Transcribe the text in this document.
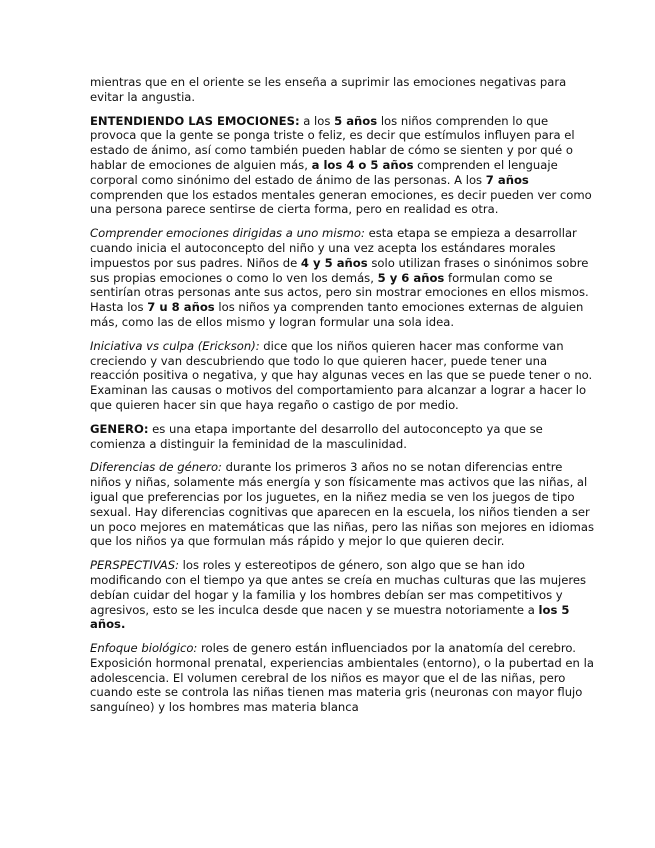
mientras que en el oriente se les enseña a suprimir las emociones negativas para evitar la angustia.

ENTENDIENDO LAS EMOCIONES: a los 5 años los niños comprenden lo que provoca que la gente se ponga triste o feliz, es decir que estímulos influyen para el estado de ánimo, así como también pueden hablar de cómo se sienten y por qué o hablar de emociones de alguien más, a los 4 o 5 años comprenden el lenguaje corporal como sinónimo del estado de ánimo de las personas. A los 7 años comprenden que los estados mentales generan emociones, es decir pueden ver como una persona parece sentirse de cierta forma, pero en realidad es otra.

Comprender emociones dirigidas a uno mismo: esta etapa se empieza a desarrollar cuando inicia el autoconcepto del niño y una vez acepta los estándares morales impuestos por sus padres. Niños de 4 y 5 años solo utilizan frases o sinónimos sobre sus propias emociones o como lo ven los demás, 5 y 6 años formulan como se sentirían otras personas ante sus actos, pero sin mostrar emociones en ellos mismos. Hasta los 7 u 8 años los niños ya comprenden tanto emociones externas de alguien más, como las de ellos mismo y logran formular una sola idea.

Iniciativa vs culpa (Erickson): dice que los niños quieren hacer mas conforme van creciendo y van descubriendo que todo lo que quieren hacer, puede tener una reacción positiva o negativa, y que hay algunas veces en las que se puede tener o no. Examinan las causas o motivos del comportamiento para alcanzar a lograr a hacer lo que quieren hacer sin que haya regaño o castigo de por medio.

GENERO: es una etapa importante del desarrollo del autoconcepto ya que se comienza a distinguir la feminidad de la masculinidad.

Diferencias de género: durante los primeros 3 años no se notan diferencias entre niños y niñas, solamente más energía y son físicamente mas activos que las niñas, al igual que preferencias por los juguetes, en la niñez media se ven los juegos de tipo sexual. Hay diferencias cognitivas que aparecen en la escuela, los niños tienden a ser un poco mejores en matemáticas que las niñas, pero las niñas son mejores en idiomas que los niños ya que formulan más rápido y mejor lo que quieren decir.

PERSPECTIVAS: los roles y estereotipos de género, son algo que se han ido modificando con el tiempo ya que antes se creía en muchas culturas que las mujeres debían cuidar del hogar y la familia y los hombres debían ser mas competitivos y agresivos, esto se les inculca desde que nacen y se muestra notoriamente a los 5 años.

Enfoque biológico: roles de genero están influenciados por la anatomía del cerebro. Exposición hormonal prenatal, experiencias ambientales (entorno), o la pubertad en la adolescencia. El volumen cerebral de los niños es mayor que el de las niñas, pero cuando este se controla las niñas tienen mas materia gris (neuronas con mayor flujo sanguíneo) y los hombres mas materia blanca
